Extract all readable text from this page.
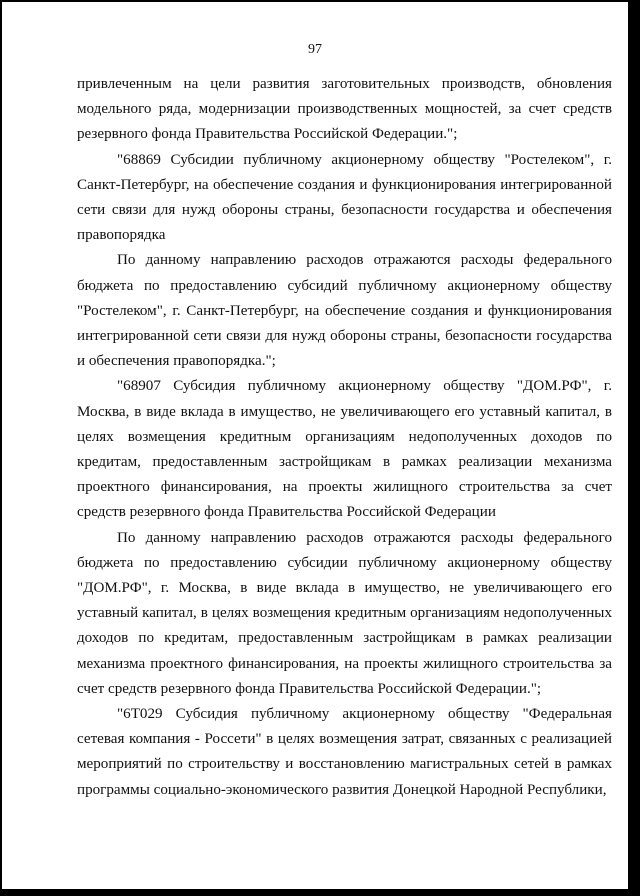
97

привлеченным на цели развития заготовительных производств, обновления модельного ряда, модернизации производственных мощностей, за счет средств резервного фонда Правительства Российской Федерации.";

"68869 Субсидии публичному акционерному обществу "Ростелеком", г. Санкт-Петербург, на обеспечение создания и функционирования интегрированной сети связи для нужд обороны страны, безопасности государства и обеспечения правопорядка

По данному направлению расходов отражаются расходы федерального бюджета по предоставлению субсидий публичному акционерному обществу "Ростелеком", г. Санкт-Петербург, на обеспечение создания и функционирования интегрированной сети связи для нужд обороны страны, безопасности государства и обеспечения правопорядка.";

"68907 Субсидия публичному акционерному обществу "ДОМ.РФ", г. Москва, в виде вклада в имущество, не увеличивающего его уставный капитал, в целях возмещения кредитным организациям недополученных доходов по кредитам, предоставленным застройщикам в рамках реализации механизма проектного финансирования, на проекты жилищного строительства за счет средств резервного фонда Правительства Российской Федерации

По данному направлению расходов отражаются расходы федерального бюджета по предоставлению субсидии публичному акционерному обществу "ДОМ.РФ", г. Москва, в виде вклада в имущество, не увеличивающего его уставный капитал, в целях возмещения кредитным организациям недополученных доходов по кредитам, предоставленным застройщикам в рамках реализации механизма проектного финансирования, на проекты жилищного строительства за счет средств резервного фонда Правительства Российской Федерации.";

"6Т029 Субсидия публичному акционерному обществу "Федеральная сетевая компания - Россети" в целях возмещения затрат, связанных с реализацией мероприятий по строительству и восстановлению магистральных сетей в рамках программы социально-экономического развития Донецкой Народной Республики,
